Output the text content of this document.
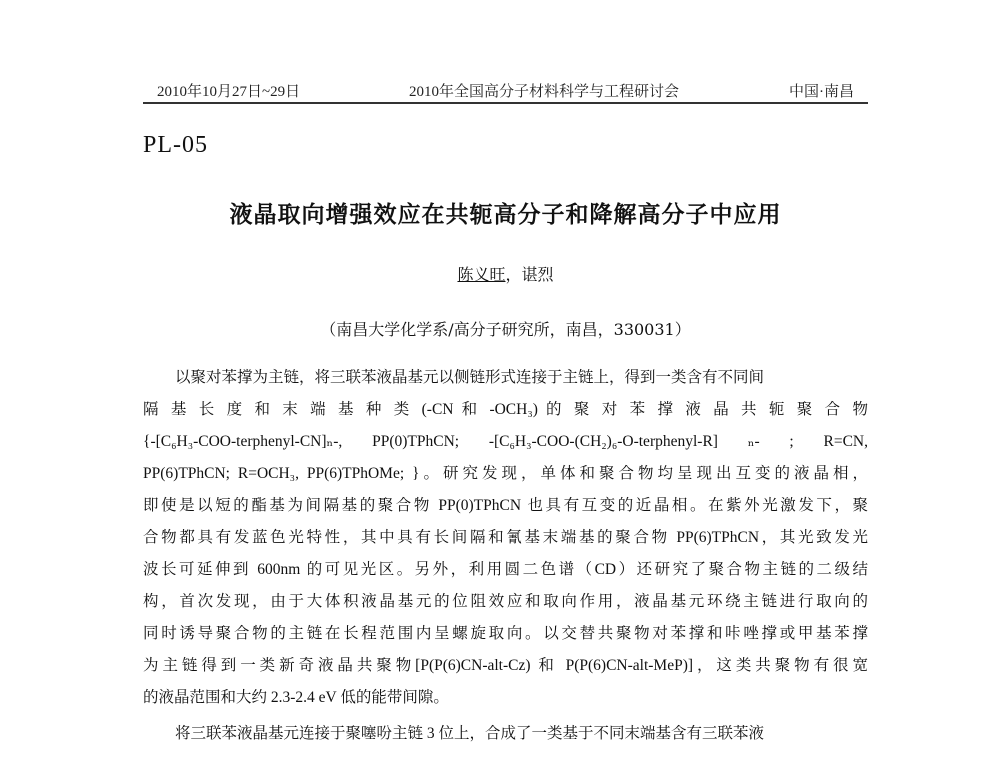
2010年10月27日~29日	2010年全国高分子材料科学与工程研讨会	中国·南昌
PL-05
液晶取向增强效应在共轭高分子和降解高分子中应用
陈义旺，谌烈
（南昌大学化学系/高分子研究所，南昌，330031）
以聚对苯撑为主链，将三联苯液晶基元以侧链形式连接于主链上，得到一类含有不同间
隔 基 长 度 和 末 端 基 种 类 (-CN 和 -OCH₃) 的 聚 对 苯 撑 液 晶 共 轭 聚 合 物
{-[C₆H₃-COO-terphenyl-CN]ₙ-, PP(0)TPhCN; -[C₆H₃-COO-(CH₂)₆-O-terphenyl-R] ₙ- ; R=CN,
PP(6)TPhCN; R=OCH₃, PP(6)TPhOMe; }。研究发现，单体和聚合物均呈现出互变的液晶相，
即使是以短的酯基为间隔基的聚合物 PP(0)TPhCN 也具有互变的近晶相。在紫外光激发下，聚
合物都具有发蓝色光特性，其中具有长间隔和氰基末端基的聚合物 PP(6)TPhCN，其光致发光
波长可延伸到 600nm 的可见光区。另外，利用圆二色谱（CD）还研究了聚合物主链的二级结
构，首次发现，由于大体积液晶基元的位阻效应和取向作用，液晶基元环绕主链进行取向的
同时诱导聚合物的主链在长程范围内呈螺旋取向。以交替共聚物对苯撑和咔唑撑或甲基苯撑
为主链得到一类新奇液晶共聚物[P(P(6)CN-alt-Cz) 和 P(P(6)CN-alt-MeP)]，这类共聚物有很宽
的液晶范围和大约 2.3-2.4 eV 低的能带间隙。
将三联苯液晶基元连接于聚噻吩主链 3 位上，合成了一类基于不同末端基含有三联苯液
